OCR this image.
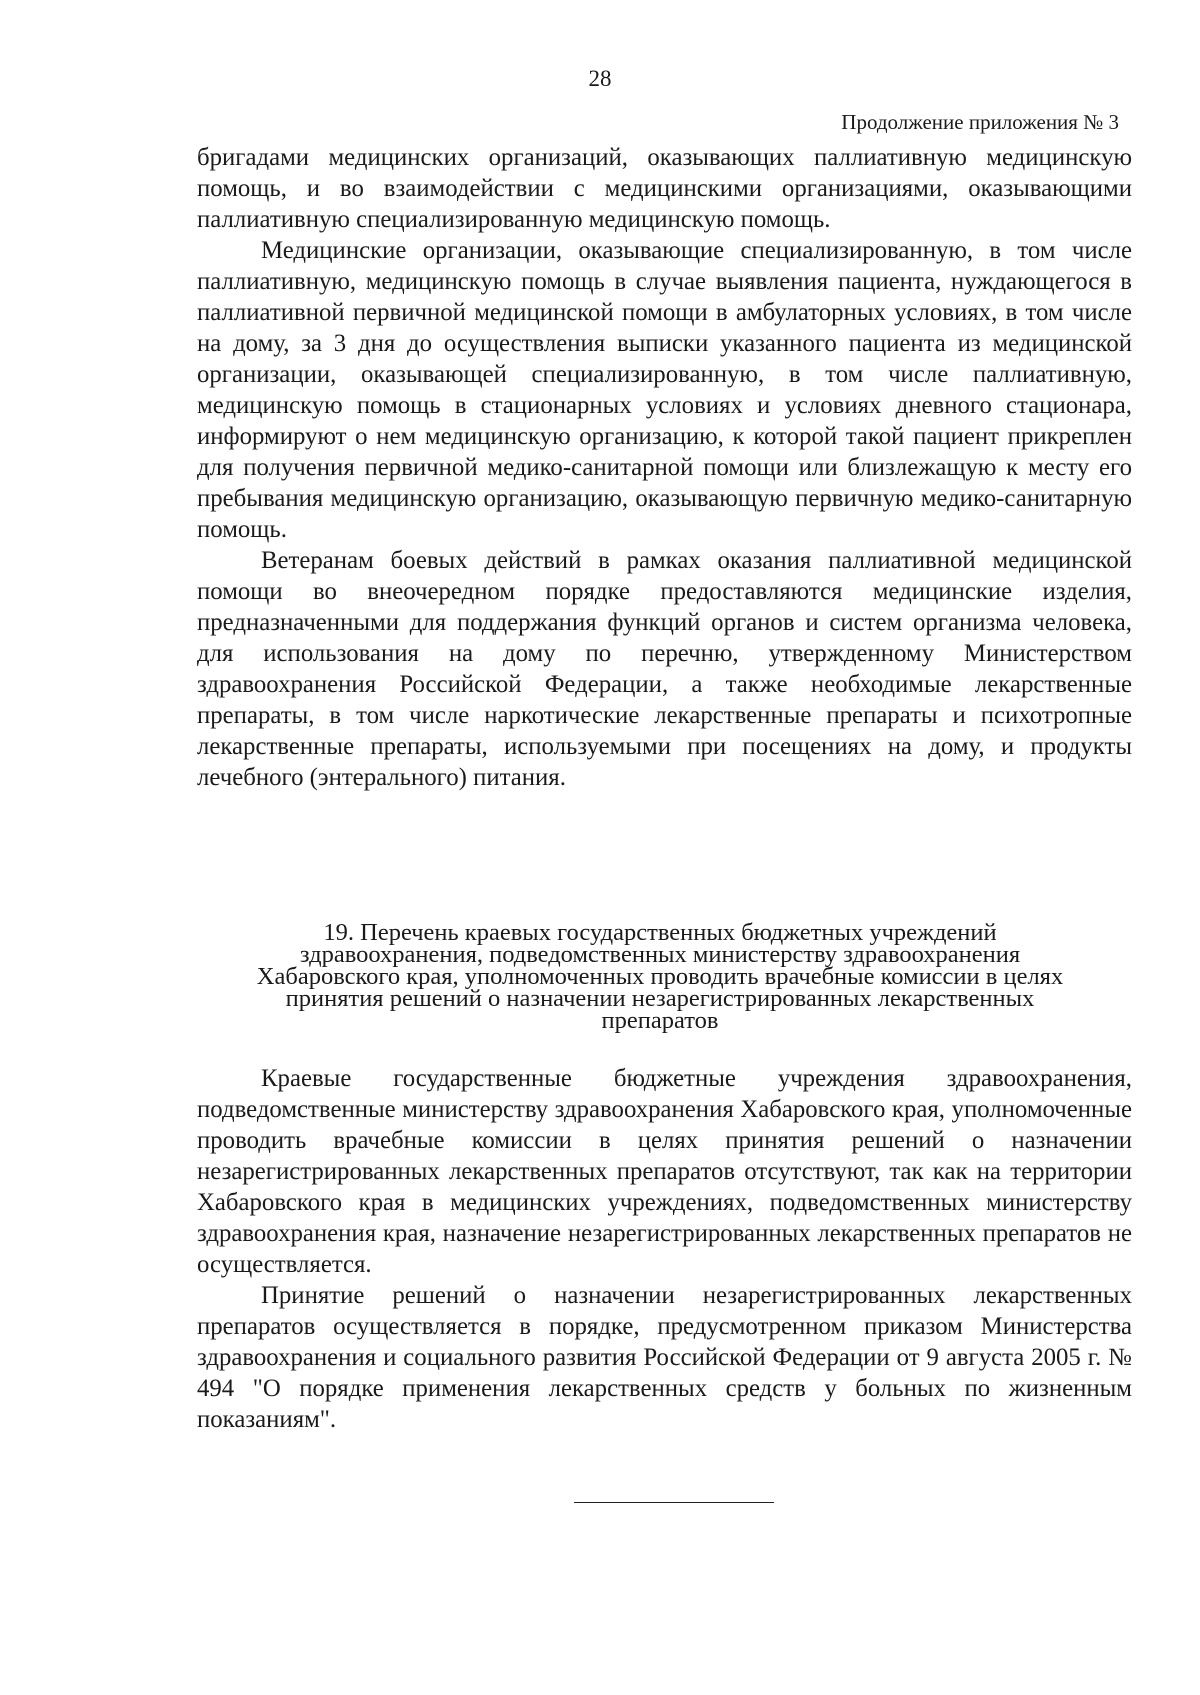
28
Продолжение приложения № 3

бригадами медицинских организаций, оказывающих паллиативную медицинскую помощь, и во взаимодействии с медицинскими организациями, оказывающими паллиативную специализированную медицинскую помощь.

Медицинские организации, оказывающие специализированную, в том числе паллиативную, медицинскую помощь в случае выявления пациента, нуждающегося в паллиативной первичной медицинской помощи в амбулаторных условиях, в том числе на дому, за 3 дня до осуществления выписки указанного пациента из медицинской организации, оказывающей специализированную, в том числе паллиативную, медицинскую помощь в стационарных условиях и условиях дневного стационара, информируют о нем медицинскую организацию, к которой такой пациент прикреплен для получения первичной медико-санитарной помощи или близлежащую к месту его пребывания медицинскую организацию, оказывающую первичную медико-санитарную помощь.

Ветеранам боевых действий в рамках оказания паллиативной медицинской помощи во внеочередном порядке предоставляются медицинские изделия, предназначенными для поддержания функций органов и систем организма человека, для использования на дому по перечню, утвержденному Министерством здравоохранения Российской Федерации, а также необходимые лекарственные препараты, в том числе наркотические лекарственные препараты и психотропные лекарственные препараты, используемыми при посещениях на дому, и продукты лечебного (энтерального) питания.

19. Перечень краевых государственных бюджетных учреждений
здравоохранения, подведомственных министерству здравоохранения
Хабаровского края, уполномоченных проводить врачебные комиссии в целях
принятия решений о назначении незарегистрированных лекарственных
препаратов

Краевые государственные бюджетные учреждения здравоохранения, подведомственные министерству здравоохранения Хабаровского края, уполномоченные проводить врачебные комиссии в целях принятия решений о назначении незарегистрированных лекарственных препаратов отсутствуют, так как на территории Хабаровского края в медицинских учреждениях, подведомственных министерству здравоохранения края, назначение незарегистрированных лекарственных препаратов не осуществляется.

Принятие решений о назначении незарегистрированных лекарственных препаратов осуществляется в порядке, предусмотренном приказом Министерства здравоохранения и социального развития Российской Федерации от 9 августа 2005 г. № 494 "О порядке применения лекарственных средств у больных по жизненным показаниям".
